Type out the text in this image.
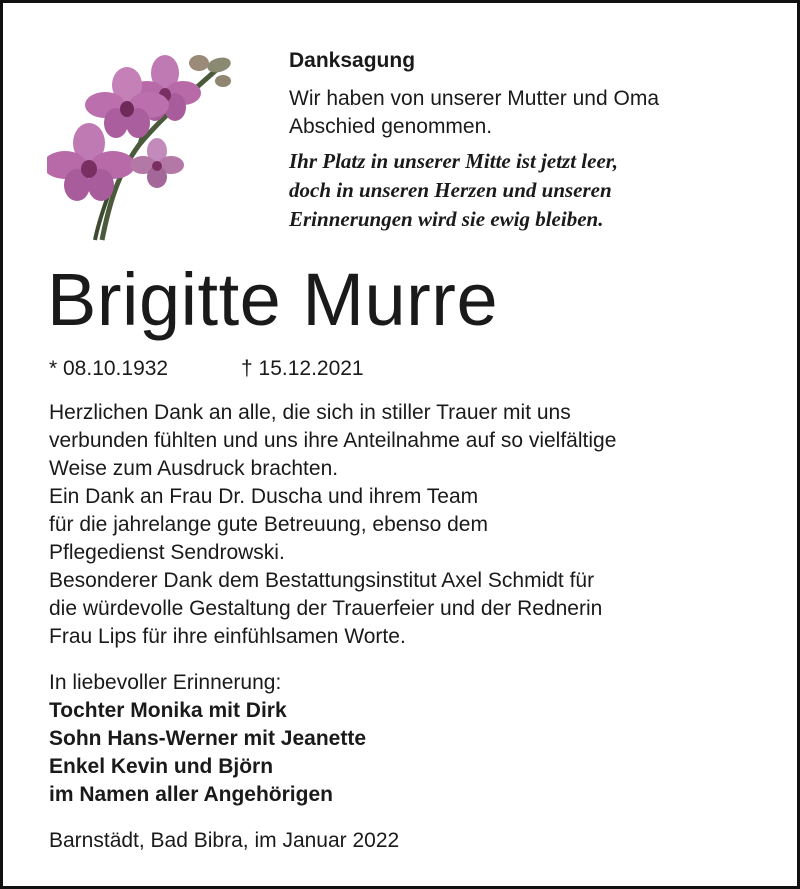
Danksagung
Wir haben von unserer Mutter und Oma
Abschied genommen.
Ihr Platz in unserer Mitte ist jetzt leer,
doch in unseren Herzen und unseren
Erinnerungen wird sie ewig bleiben.
Brigitte Murre
* 08.10.1932	† 15.12.2021
Herzlichen Dank an alle, die sich in stiller Trauer mit uns
verbunden fühlten und uns ihre Anteilnahme auf so vielfältige
Weise zum Ausdruck brachten.
Ein Dank an Frau Dr. Duscha und ihrem Team
für die jahrelange gute Betreuung, ebenso dem
Pflegedienst Sendrowski.
Besonderer Dank dem Bestattungsinstitut Axel Schmidt für
die würdevolle Gestaltung der Trauerfeier und der Rednerin
Frau Lips für ihre einfühlsamen Worte.
In liebevoller Erinnerung:
Tochter Monika mit Dirk
Sohn Hans-Werner mit Jeanette
Enkel Kevin und Björn
im Namen aller Angehörigen
Barnstädt, Bad Bibra, im Januar 2022
